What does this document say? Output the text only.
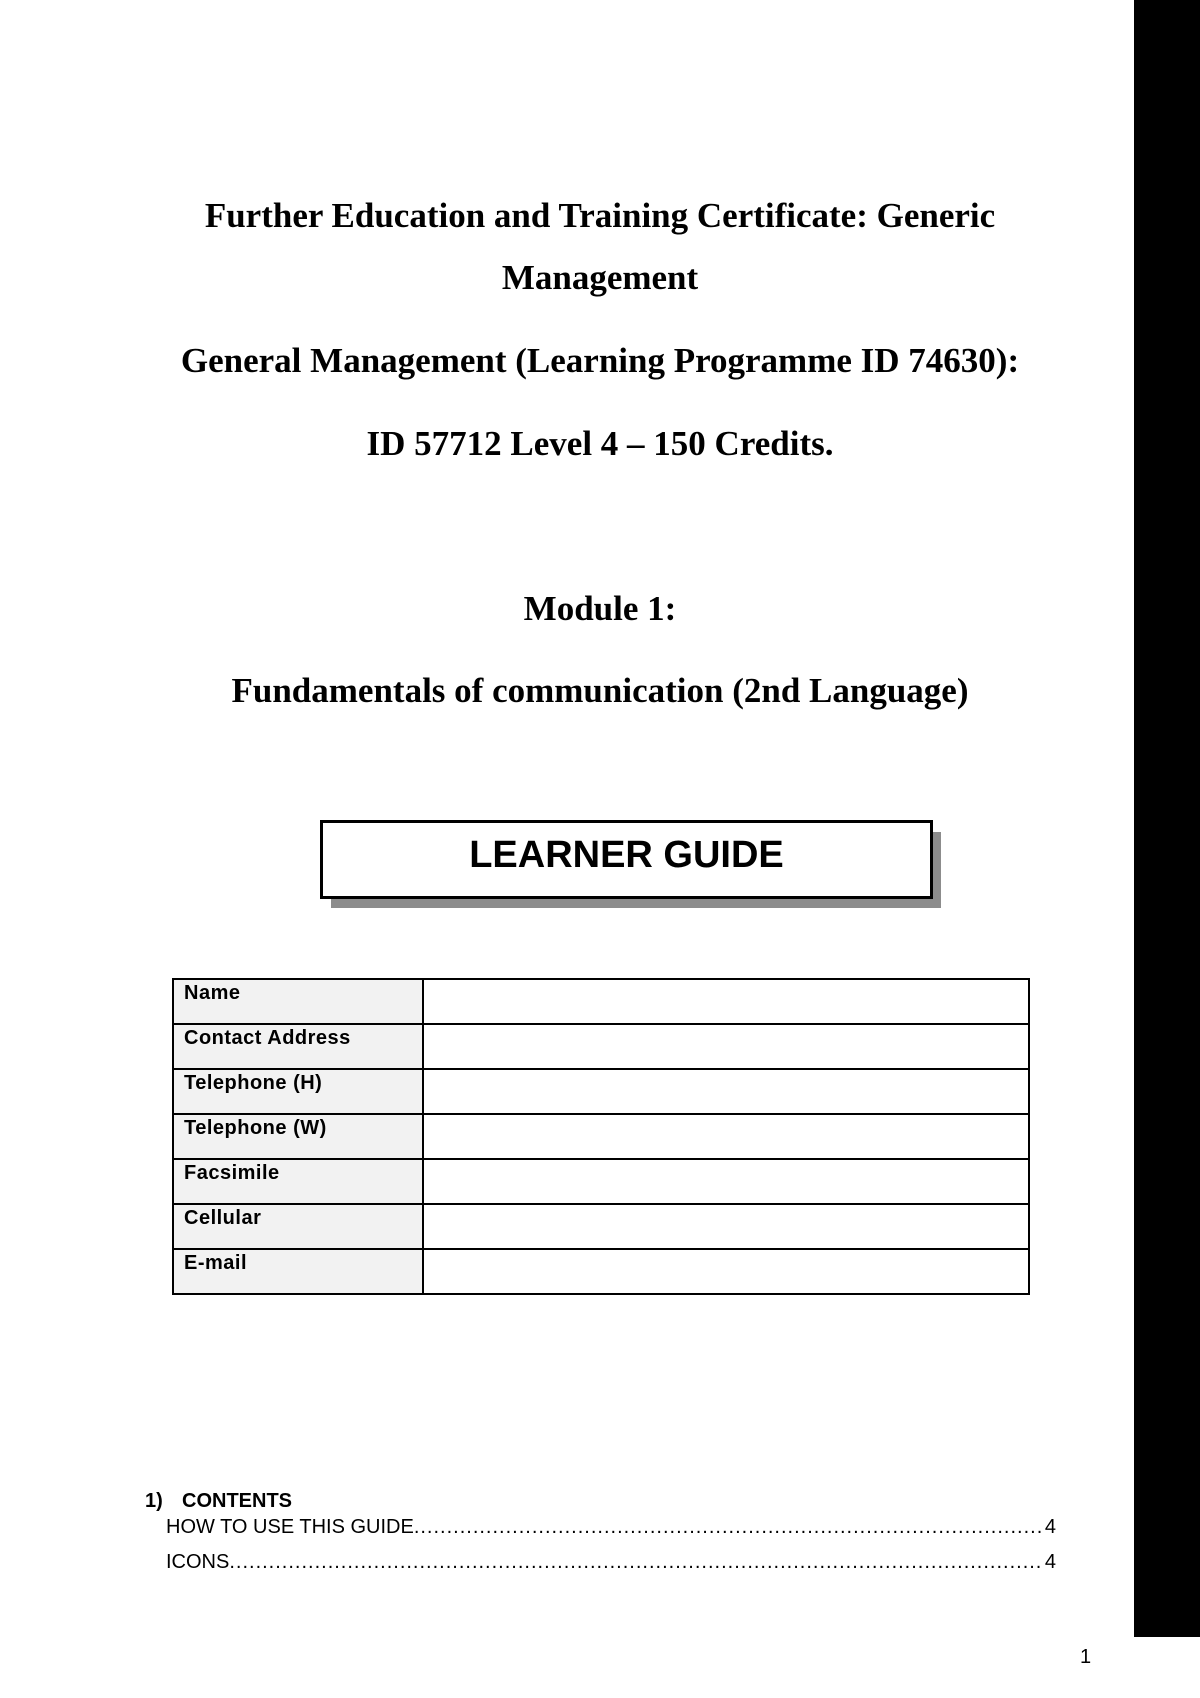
Further Education and Training Certificate: Generic
Management
General Management (Learning Programme ID 74630):
ID 57712 Level 4 – 150 Credits.
Module 1:
Fundamentals of communication (2nd Language)
LEARNER GUIDE
Name	
Contact Address	
Telephone (H)	
Telephone (W)	
Facsimile	
Cellular	
E-mail	
1) CONTENTS
HOW TO USE THIS GUIDE .....	4
ICONS .....	4
1
